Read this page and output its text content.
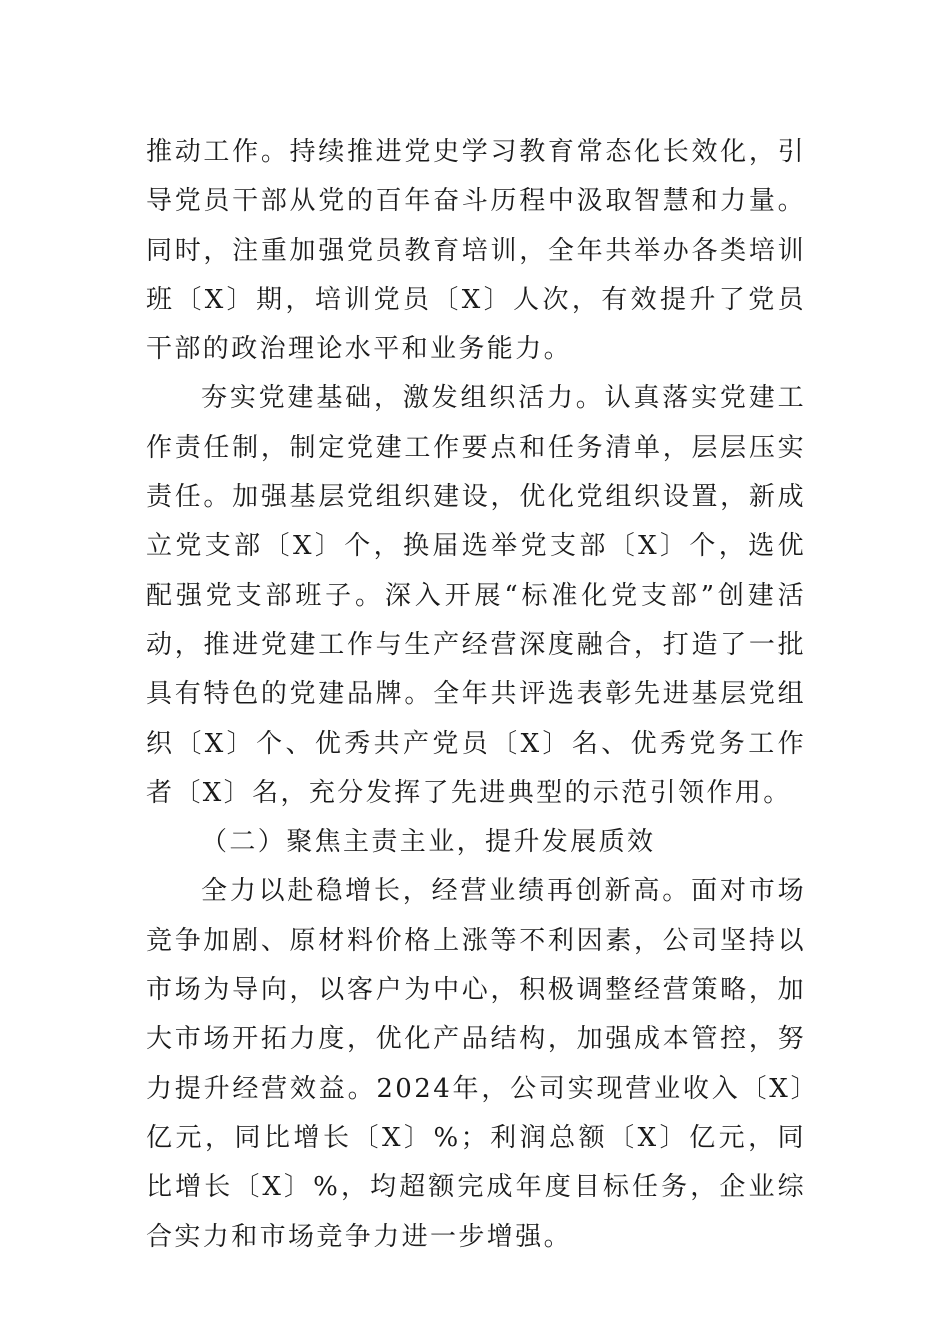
推动工作。持续推进党史学习教育常态化长效化，引导党员干部从党的百年奋斗历程中汲取智慧和力量。同时，注重加强党员教育培训，全年共举办各类培训班〔X〕期，培训党员〔X〕人次，有效提升了党员干部的政治理论水平和业务能力。

夯实党建基础，激发组织活力。认真落实党建工作责任制，制定党建工作要点和任务清单，层层压实责任。加强基层党组织建设，优化党组织设置，新成立党支部〔X〕个，换届选举党支部〔X〕个，选优配强党支部班子。深入开展“标准化党支部”创建活动，推进党建工作与生产经营深度融合，打造了一批具有特色的党建品牌。全年共评选表彰先进基层党组织〔X〕个、优秀共产党员〔X〕名、优秀党务工作者〔X〕名，充分发挥了先进典型的示范引领作用。

（二）聚焦主责主业，提升发展质效

全力以赴稳增长，经营业绩再创新高。面对市场竞争加剧、原材料价格上涨等不利因素，公司坚持以市场为导向，以客户为中心，积极调整经营策略，加大市场开拓力度，优化产品结构，加强成本管控，努力提升经营效益。2024年，公司实现营业收入〔X〕亿元，同比增长〔X〕%；利润总额〔X〕亿元，同比增长〔X〕%，均超额完成年度目标任务，企业综合实力和市场竞争力进一步增强。
